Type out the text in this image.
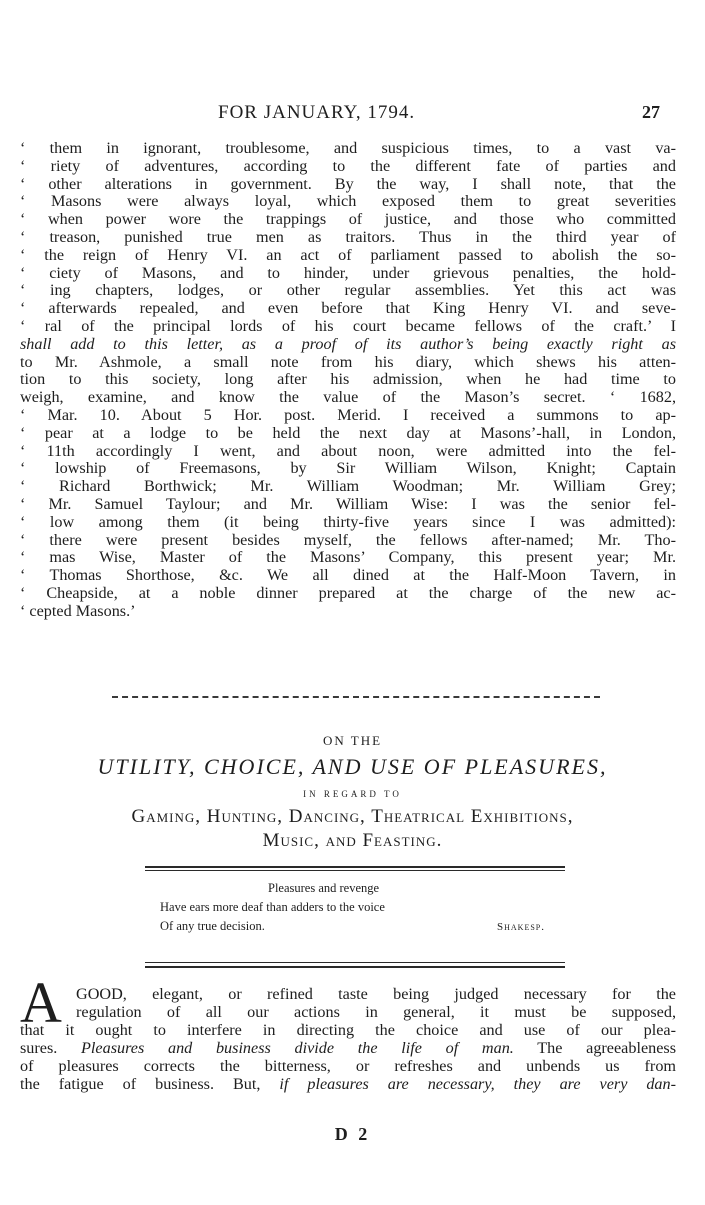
FOR JANUARY, 1794.	27
‘ them in ignorant, troublesome, and suspicious times, to a vast va-
‘ riety of adventures, according to the different fate of parties and
‘ other alterations in government. By the way, I shall note, that the
‘ Masons were always loyal, which exposed them to great severities
‘ when power wore the trappings of justice, and those who committed
‘ treason, punished true men as traitors. Thus in the third year of
‘ the reign of Henry VI. an act of parliament passed to abolish the so-
‘ ciety of Masons, and to hinder, under grievous penalties, the hold-
‘ ing chapters, lodges, or other regular assemblies. Yet this act was
‘ afterwards repealed, and even before that King Henry VI. and seve-
‘ ral of the principal lords of his court became fellows of the craft.’ I
shall add to this letter, as a proof of its author’s being exactly right as
to Mr. Ashmole, a small note from his diary, which shews his atten-
tion to this society, long after his admission, when he had time to
weigh, examine, and know the value of the Mason’s secret. ‘ 1682,
‘ Mar. 10. About 5 Hor. post. Merid. I received a summons to ap-
‘ pear at a lodge to be held the next day at Masons’-hall, in London,
‘ 11th accordingly I went, and about noon, were admitted into the fel-
‘ lowship of Freemasons, by Sir William Wilson, Knight; Captain
‘ Richard Borthwick; Mr. William Woodman; Mr. William Grey;
‘ Mr. Samuel Taylour; and Mr. William Wise: I was the senior fel-
‘ low among them (it being thirty-five years since I was admitted):
‘ there were present besides myself, the fellows after-named; Mr. Tho-
‘ mas Wise, Master of the Masons’ Company, this present year; Mr.
‘ Thomas Shorthose, &c. We all dined at the Half-Moon Tavern, in
‘ Cheapside, at a noble dinner prepared at the charge of the new ac-
‘ cepted Masons.’
ON THE
UTILITY, CHOICE, AND USE OF PLEASURES,
IN REGARD TO
Gaming, Hunting, Dancing, Theatrical Exhibitions,
Music, and Feasting.
Pleasures and revenge
Have ears more deaf than adders to the voice
Of any true decision.	Shakesp.
A GOOD, elegant, or refined taste being judged necessary for the
regulation of all our actions in general, it must be supposed,
that it ought to interfere in directing the choice and use of our plea-
sures. Pleasures and business divide the life of man. The agreeableness
of pleasures corrects the bitterness, or refreshes and unbends us from
the fatigue of business. But, if pleasures are necessary, they are very dan-
D 2
